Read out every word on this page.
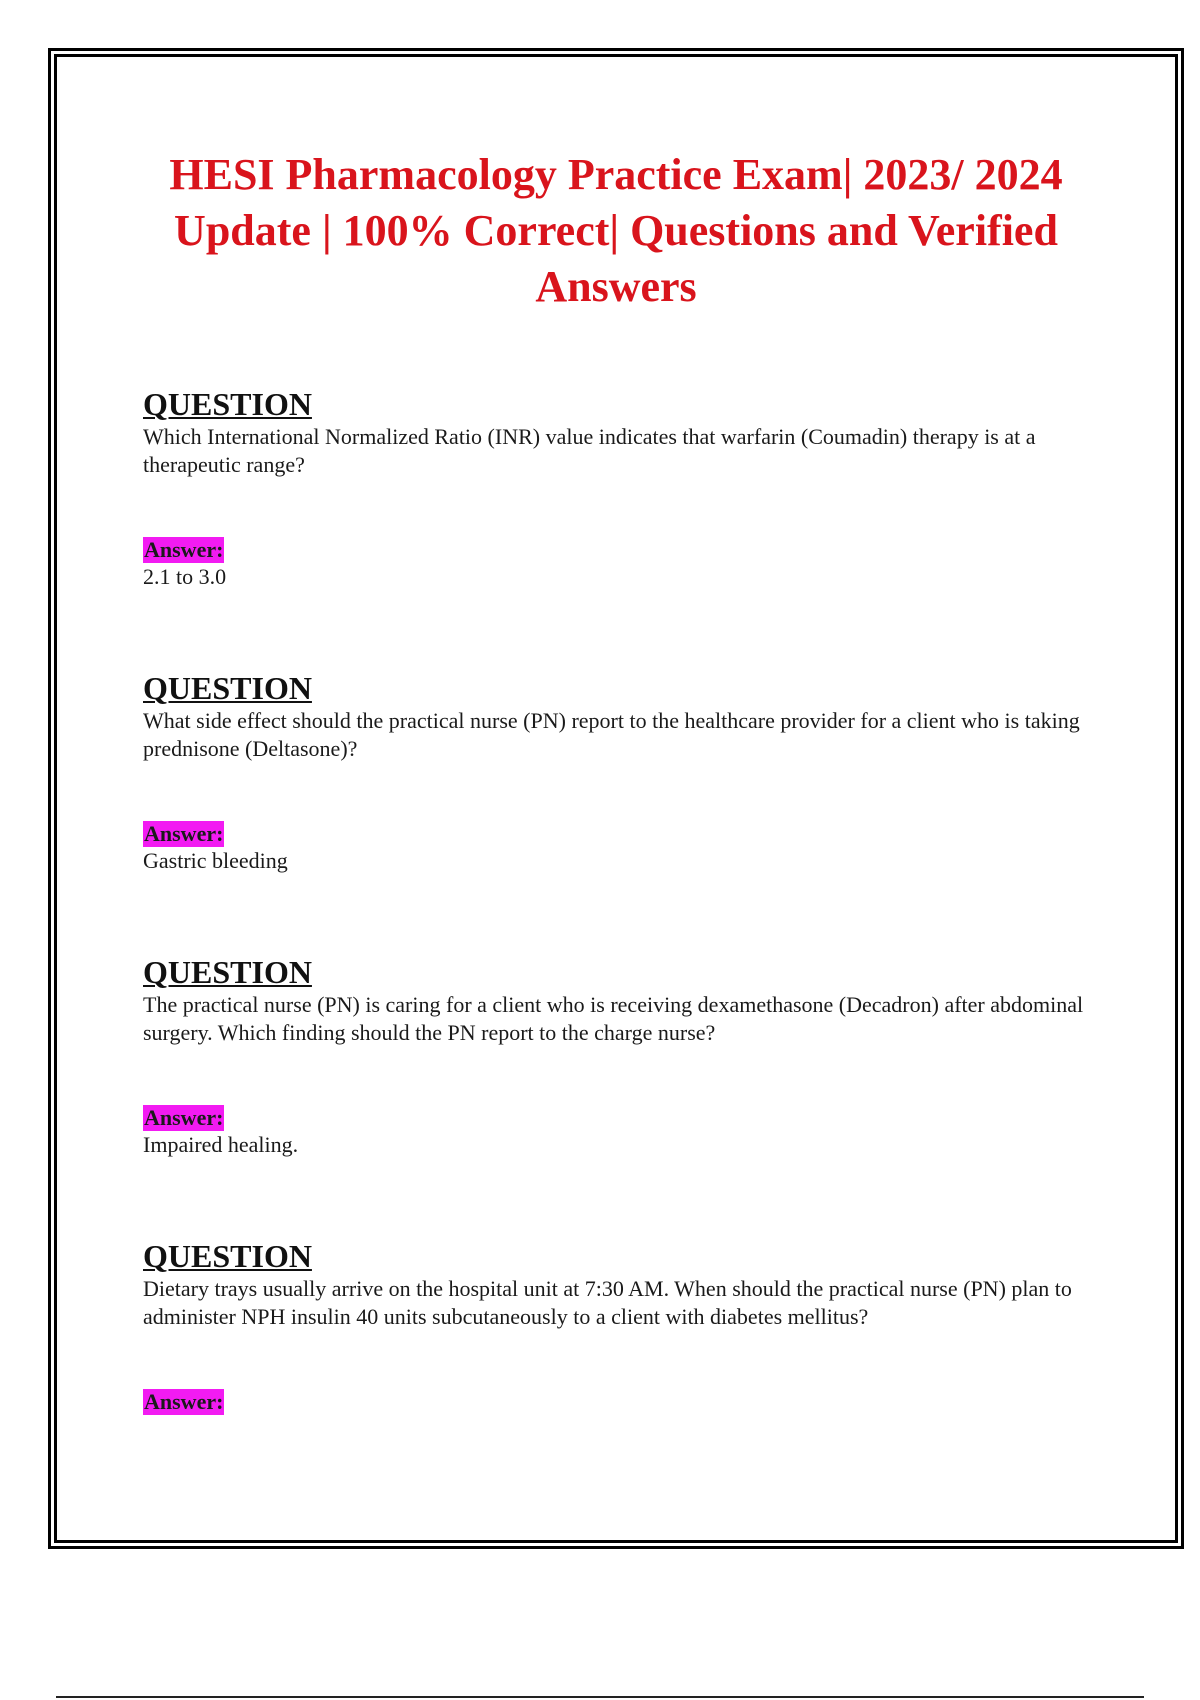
HESI Pharmacology Practice Exam| 2023/ 2024 Update | 100% Correct| Questions and Verified Answers
QUESTION

Which International Normalized Ratio (INR) value indicates that warfarin (Coumadin) therapy is at a therapeutic range?

Answer:

2.1 to 3.0

QUESTION

What side effect should the practical nurse (PN) report to the healthcare provider for a client who is taking prednisone (Deltasone)?

Answer:

Gastric bleeding

QUESTION

The practical nurse (PN) is caring for a client who is receiving dexamethasone (Decadron) after abdominal surgery. Which finding should the PN report to the charge nurse?

Answer:

Impaired healing.

QUESTION

Dietary trays usually arrive on the hospital unit at 7:30 AM. When should the practical nurse (PN) plan to administer NPH insulin 40 units subcutaneously to a client with diabetes mellitus?

Answer:
